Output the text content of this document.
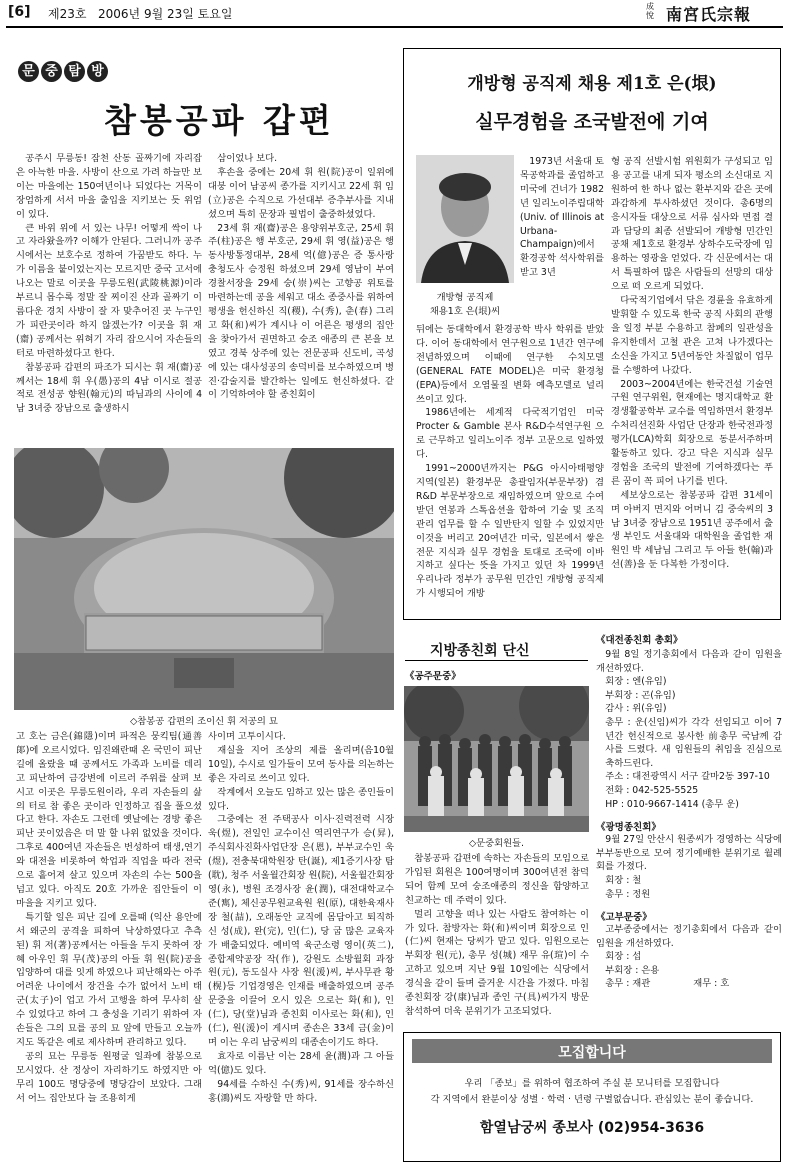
[6] 제23호 2006년 9월 23일 토요일
成悅 南宮氏宗報
문 중 탐 방
참봉공파 갑편

공주시 무릉동! 잠천 산동 골짜기에 자리잡은 아늑한 마을. 사방이 산으로 가려 하늘만 보이는 마을에는 150여년이나 되었다는 거목이 장엄하게 서서 마을 출입을 지키보는 듯 위엄이 있다.

큰 바위 위에 서 있는 나무! 어떻게 싹이 나고 자라왔을까? 이해가 안된다. 그러니까 공주시에서는 보호수로 정하여 가꿈받도 하다. 누가 이름을 붙이었는지는 모르지만 중국 고서에 나오는 말로 이곳을 무릉도원(武陵桃源)이라 부르니 몹수록 정말 잘 찌이진 산과 골짜기 이름다운 경치 사방이 잘 자 맞추어진 곳 누구인가 피란곳이라 하지 않겠는가? 이곳을 휘 재(齋) 공께서는 위혀기 자리 잡으시어 자손들의 터로 마련하셨다고 한다.

참봉공파 갑편의 파조가 되시는 휘 재(齋)공께서는 18세 휘 우(愚)공의 4남 이시로 절공적로 전성공 향원(翰元)의 따님과의 사이에 4남 3녀중 장남으로 출생하시

삼이었나 보다.

후손을 중에는 20세 휘 원(院)공이 일위에 대붕 이어 남공씨 종가를 지키시고 22세 휘 임(立)공은 수직으로 가선대부 증추부사를 지내셨으며 특히 문장과 필법이 출중하셨었다.

23세 휘 재(齋)공은 용양위부호군, 25세 휘 주(柱)공은 행 부호군, 29세 휘 영(益)공은 행 동사방통정대부, 28세 억(億)공은 증 통사랑 충청도사 승정원 하셨으며 29세 영남이 부여경찰서장을 29세 숭(崇)씨는 고향공 위토를 마련하는데 공을 세워고 대소 종중사를 위하여 평생을 헌신하신 직(稷), 수(秀), 춘(春) 그리고 화(和)씨가 계시나 이 어른은 평생의 집안을 찾아가서 권면하고 숭조 애종의 큰 본을 보였고 경북 상주에 있는 전문공파 신도비, 곡성에 있는 대사성공의 송덕비를 보수하였으며 병진·감술지를 발간하는 일에도 헌신하셨다. 같이 기억하여야 할 종친회이

◇참봉공 갑편의 조이신 휘 저공의 묘

고 호는 금은(錦隱)이며 파적은 뭉킥팀(通善郞)에 오르시었다. 임진왜란때 온 국민이 피난 길에 올랐을 때 공께서도 가족과 노비를 데리고 피난하여 금강변에 이르러 주위를 살펴 보시고 이곳은 무릉도원이라, 우리 자손들의 삶의 터로 참 좋은 곳이라 인정하고 집을 풀으셨다고 한다. 자손도 그런데 옛날에는 경방 좋은 피난 곳이었음은 더 말 할 나위 없었을 것이다. 그후로 400여년 자손들은 번성하여 태생,연기와 대전을 비롯하여 학업과 직업을 따라 전국으로 흩어져 살고 있으며 자손의 수는 500을 넘고 있다. 아직도 20호 가까운 집안들이 이 마을을 지키고 있다.

특기할 일은 피난 길에 오를때 (익산 용안에서 왜군의 공격을 피하여 낙상하였다고 추측된) 휘 저(著)공께서는 아들을 두지 못하여 장혜 아우인 휘 무(茂)공의 아들 휘 원(院)공을 입양하여 대를 잇게 하였으나 피난해와는 아주 어려운 나이에서 장건을 수가 없어서 노비 태군(太子)이 업고 가서 고행을 하여 무사히 살 수 있었다고 하여 그 충성을 기리기 위하여 자손들은 그의 묘를 공의 묘 앞에 만들고 오늘까지도 똑같은 예로 제사하며 관리하고 있다.

공의 묘는 무릉동 원평굴 일좌에 참봉으로 모시었다. 산 정상이 자리하기도 하였지만 아무리 100도 명당중에 명당감이 보았다. 그래서 어느 집안보다 늘 조용히게

사이며 고투이시다.

재실을 지어 조상의 제를 올리며(음10월 10일), 수시로 일가들이 모여 동사를 의논하는 좋은 자리로 쓰이고 있다.

작계에서 오늘도 임하고 있는 많은 종인들이 있다.

그중에는 전 주택공사 이사·진력전력 시장 욱(煜), 전일인 교수이신 역리연구가 승(昇), 주식회사진화사업단장 은(恩), 부부교수인 욱(煜), 전충북대학원장 탄(誕), 제1증기사장 탐(耽), 청주 서울월간회장 원(院), 서울월간회장 영(永), 병원 조경사장 윤(潤), 대전대학교수 준(寯), 체신공무원교육원 원(原), 대한육재사장 철(喆), 오래동안 교직에 몸담아고 퇴직하신 성(成), 완(完), 인(仁), 당 굽 많은 교육자가 배출되었다. 예비역 육군소령 영이(英二), 종합제약공장 작(作), 강원도 소방월회 과장 원(元), 동도실사 사장 원(湲)씨, 부사무관 황(榥)등 기업경영은 인재를 배출하였으며 공주문중을 이끌어 오시 있은 으로는 화(和), 인(仁), 당(堂)님과 종친회 이사로는 화(和), 인(仁), 원(湲)이 게시며 종손은 33세 금(金)이며 이는 우리 남궁씨의 대종손이기도 하다.

효자로 이름난 이는 28세 윤(潤)과 그 아들 억(億)도 있다.

94세를 수하신 수(秀)씨, 91세를 장수하신 홍(鴻)씨도 자랑할 만 하다.

개방형 공직제 채용 제1호 은(垠)
실무경험을 조국발전에 기여
개방형 공직제
채용1호 은(垠)씨

1973년 서울대 토목공학과를 졸업하고 미국에 건너가 1982년 일리노이주립대학(Univ. of Illinois at Urbana-Champaign)에서 환경공학 석사학위를 받고 3년

뒤에는 동대학에서 환경공학 박사 학위를 받았다. 이어 동대학에서 연구원으로 1년간 연구에 전념하였으며 이때에 연구한 수치모델(GENERAL FATE MODEL)은 미국 환경청(EPA)등에서 오염물질 변화 예측모델로 널리 쓰이고 있다.

1986년에는 세계적 다국적기업인 미국 Procter & Gamble 본사 R&D수석연구원 으로 근무하고 일리노이주 정부 고문으로 일하였다.

1991~2000년까지는 P&G 아시아태평양지역(일본) 환경부문 총괄임자(부문부장) 겸 R&D 부문부장으로 재임하였으며 앞으로 수여받던 연봉과 스톡옵션을 합하여 기술 및 조직관리 업무를 할 수 일반탄지 일할 수 있었지만 이것을 버리고 20여년간 미국, 일본에서 쌓은 전문 지식과 실무 경험을 토대로 조국에 이바지하고 싶다는 뜻을 가지고 있던 차 1999년 우리나라 정부가 공무원 민간인 개방형 공직제가 시행되어 개방

형 공직 선발시험 위원회가 구성되고 임용 공고를 내게 되자 평소의 소신대로 지원하여 한 하나 없는 환부지와 같은 곳에 과감하게 투사하셨던 것이다. 총6명의 응시자들 대상으로 서류 심사와 면접 결과 담당의 최종 선발되어 개방형 민간인공채 제1호로 환경부 상하수도국장에 임용하는 영광을 얻었다. 각 신문에서는 대서 특필하여 많은 사람들의 선망의 대상으로 떠 오르게 되었다.

다국적기업에서 닦은 경륜을 유효하게 발휘할 수 있도록 한국 공직 사회의 관행을 일정 부분 수용하고 참폐의 일관성을 유지한데서 고철 관은 고쳐 나가겠다는 소신을 가지고 5년여동안 차질없이 업무를 수행하여 나갔다.

2003~2004년에는 한국건설 기술연구원 연구위원, 현재에는 명지대학교 환경생활공학부 교수를 역임하면서 환경부 수처리선진화 사업단 단장과 한국전과정 평가(LCA)학회 회장으로 동분서주하며 활동하고 있다. 강고 닥은 지식과 실무 경험을 조국의 발전에 기여하겠다는 푸른 꿈이 꼭 피어 나기를 빈다.

세보상으로는 참봉공파 갑편 31세이며 아버지 면지와 어머니 김 중숙씨의 3남 3녀중 장남으로 1951년 공주에서 출생 부인도 서울대와 대학원을 졸업한 재원인 박 세남님 그리고 두 아들 한(翰)과 선(善)을 둔 다복한 가정이다.

지방종친회 단신
《공주문중》
◇문중회원들.

참봉공파 갑편에 속하는 자손들의 모임으로 가입된 회원은 100여명이며 300여년전 참덕되어 함께 모여 숭조애종의 정신을 함양하고 친교하는 데 주력이 있다.

멀리 고향을 떠나 있는 사람도 참여하는 이가 있다. 참방자는 화(和)씨이며 회장으로 인(仁)씨 현재는 당씨가 맡고 있다. 임원으로는 부회장 원(元), 총무 성(城) 재무 유(瑄)이 수고하고 있으며 지난 9월 10일에는 식당에서 경식을 같이 들며 즐거운 시간을 가졌다. 마침 종친회장 강(康)님과 종인 구(具)씨가지 방문 참석하여 더욱 분위기가 고조되었다.

《대전종친회 총회》
9월 8일 정기총회에서 다음과 같이 임원을 개선하였다.
회장 : 엔(유임)
부회장 : 곤(유임)
감사 : 위(유임)
총무 : 운(신임)씨가 각각 선임되고 이어 7년간 헌신적으로 봉사한 前총무 국남께 감사를 드렸다. 새 임원들의 취임을 진심으로 축하드린다.
주소 : 대전광역시 서구 갈마2동 397-10
전화 : 042-525-5525
HP : 010-9667-1414 (총무 운)
《광명종친회》
9월 27일 안산시 원종씨가 경영하는 식당에 부부동반으로 모여 정기예배한 분위기로 월례회를 가졌다.
회장 : 철
총무 : 정원
《고부문중》
고부종중에서는 정기총회에서 다음과 같이 임원을 개선하였다.
회장 : 섭
부회장 : 은용
총무 : 재관	재무 : 호
모집합니다
우리 「종보」를 위하여 협조하여 주실 분 모니터를 모집합니다
각 지역에서 완분이상 성별 · 학력 · 년령 구별없습니다. 관심있는 분이 좋습니다.
함열남궁씨 종보사 (02)954-3636
